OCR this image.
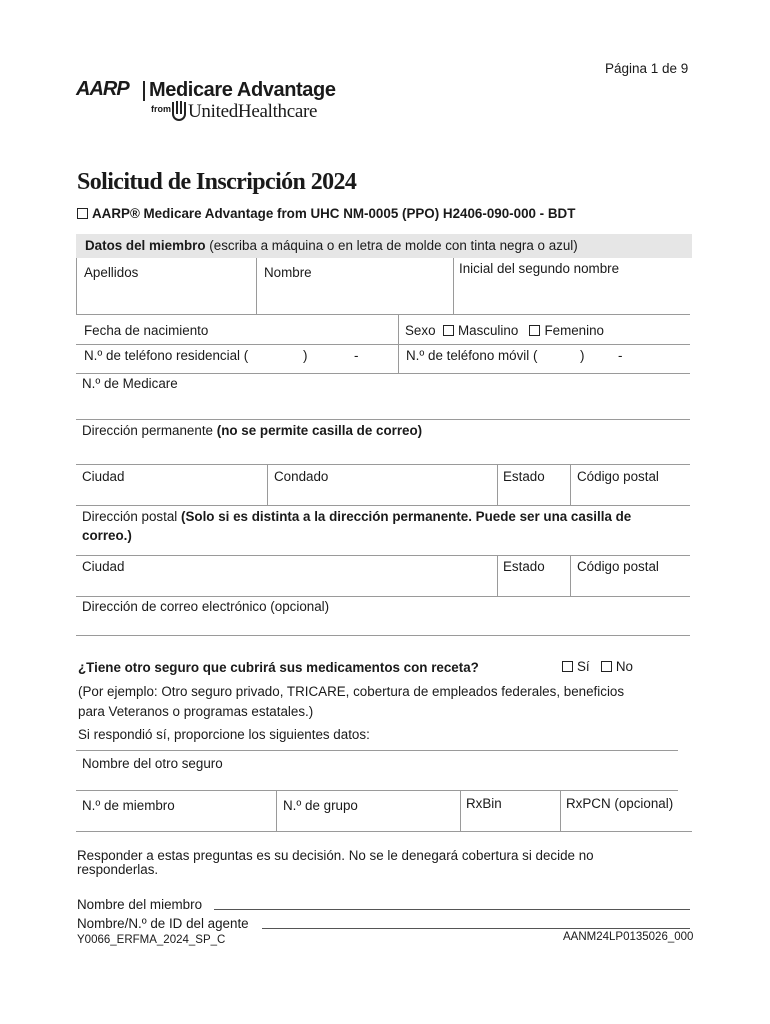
Página 1 de 9
AARP Medicare Advantage
from UnitedHealthcare
Solicitud de Inscripción 2024
AARP® Medicare Advantage from UHC NM-0005 (PPO) H2406-090-000 - BDT
Datos del miembro (escriba a máquina o en letra de molde con tinta negra o azul)
Apellidos	Nombre	Inicial del segundo nombre
Fecha de nacimiento	Sexo Masculino Femenino
N.º de teléfono residencial (	)	-	N.º de teléfono móvil (	)	-
N.º de Medicare
Dirección permanente (no se permite casilla de correo)
Ciudad	Condado	Estado Código postal
Dirección postal (Solo si es distinta a la dirección permanente. Puede ser una casilla de
correo.)
Ciudad	Estado Código postal
Dirección de correo electrónico (opcional)
¿Tiene otro seguro que cubrirá sus medicamentos con receta?	Sí No
(Por ejemplo: Otro seguro privado, TRICARE, cobertura de empleados federales, beneficios
para Veteranos o programas estatales.)
Si respondió sí, proporcione los siguientes datos:
Nombre del otro seguro
N.º de miembro	N.º de grupo	RxBin	RxPCN (opcional)
Responder a estas preguntas es su decisión. No se le denegará cobertura si decide no
responderlas.
Nombre del miembro
Nombre/N.º de ID del agente
Y0066_ERFMA_2024_SP_C	AANM24LP0135026_000
